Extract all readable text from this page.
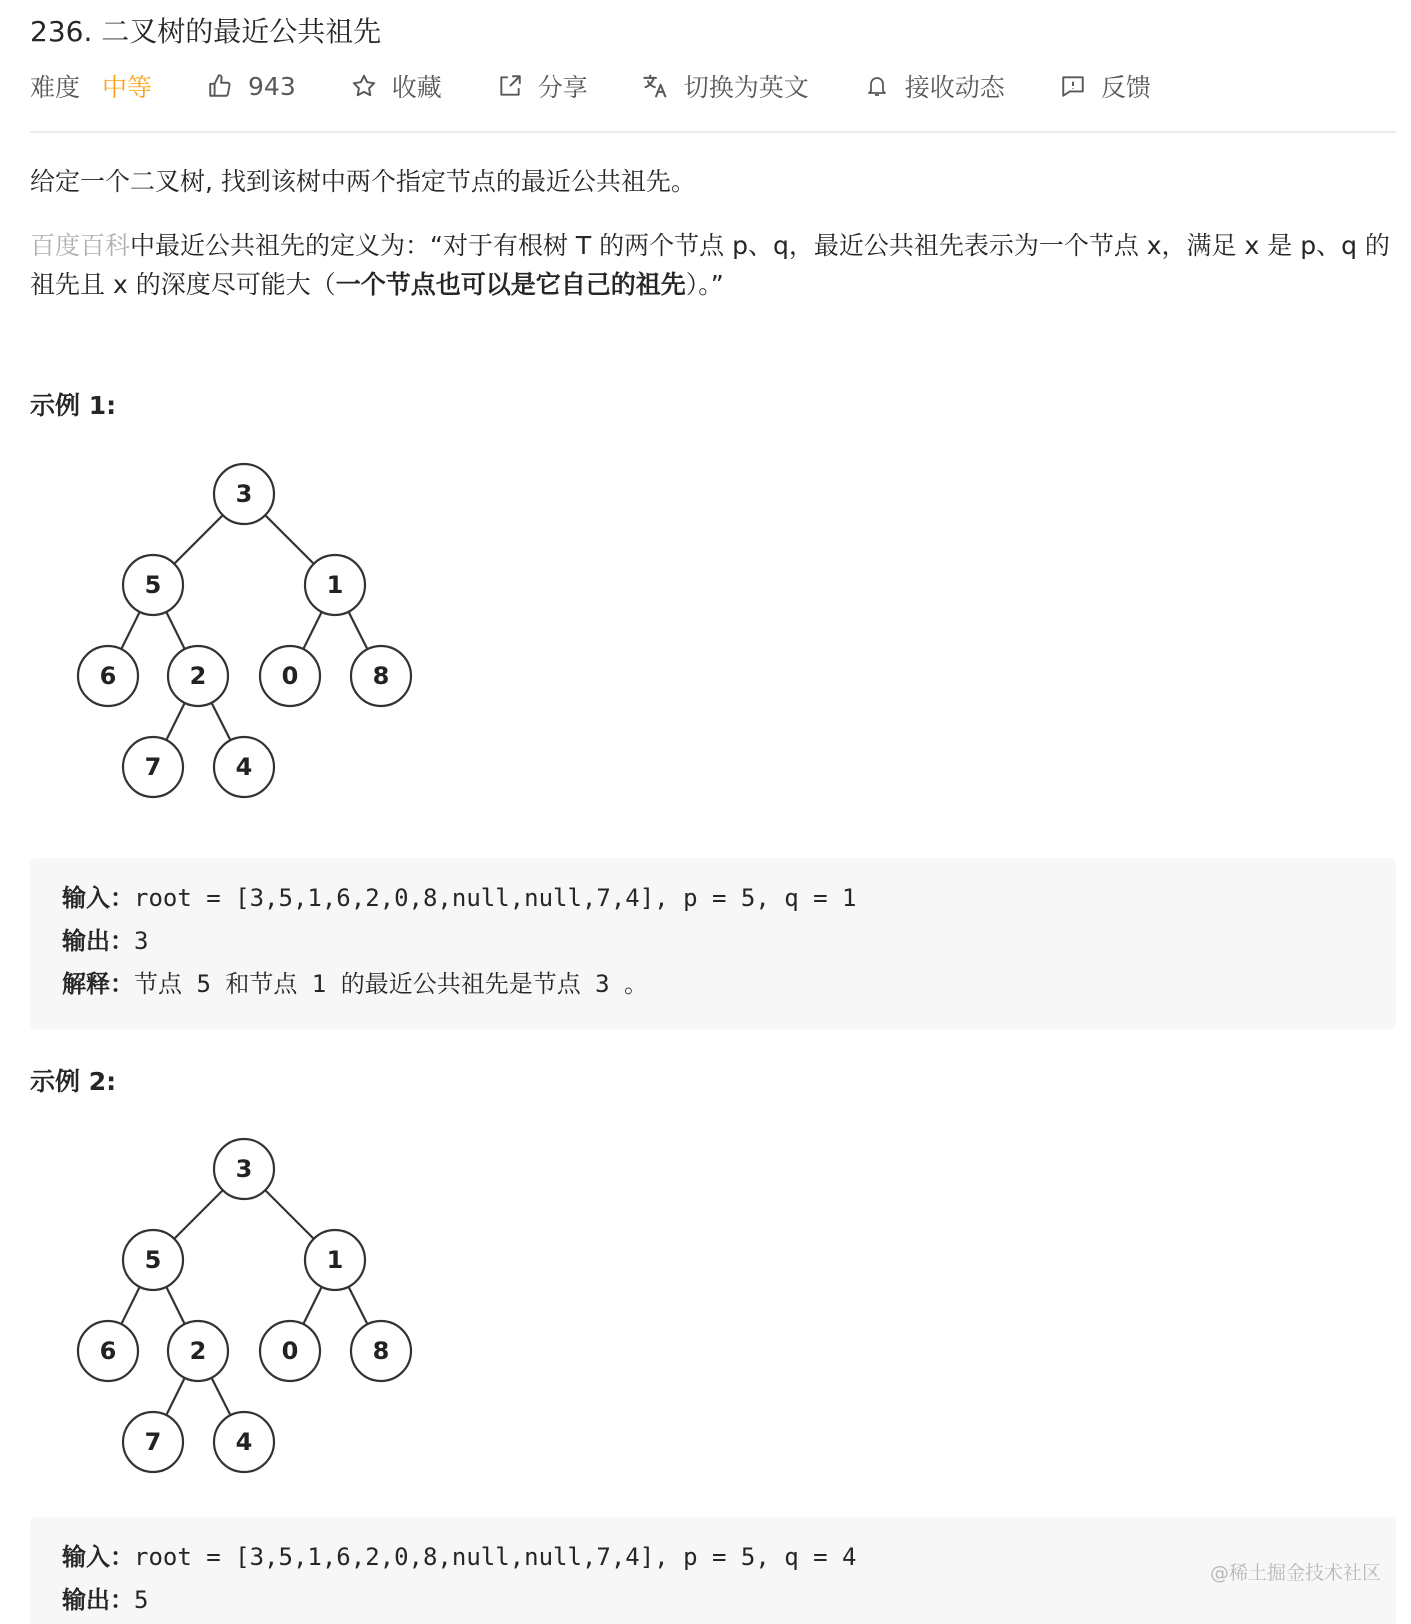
236. 二叉树的最近公共祖先
难度 中等	943	收藏	分享	切换为英文	接收动态	反馈
给定一个二叉树, 找到该树中两个指定节点的最近公共祖先。
百度百科中最近公共祖先的定义为：“对于有根树 T 的两个节点 p、q，最近公共祖先表示为一个节点 x，满足 x 是 p、q 的祖先且 x 的深度尽可能大（一个节点也可以是它自己的祖先）。”
示例 1:
3
5	1
6	2	0	8
7	4
输入：root = [3,5,1,6,2,0,8,null,null,7,4], p = 5, q = 1
输出：3
解释：节点 5 和节点 1 的最近公共祖先是节点 3 。
示例 2:
3
5	1
6	2	0	8
7	4
输入：root = [3,5,1,6,2,0,8,null,null,7,4], p = 5, q = 4
输出：5
@稀土掘金技术社区
